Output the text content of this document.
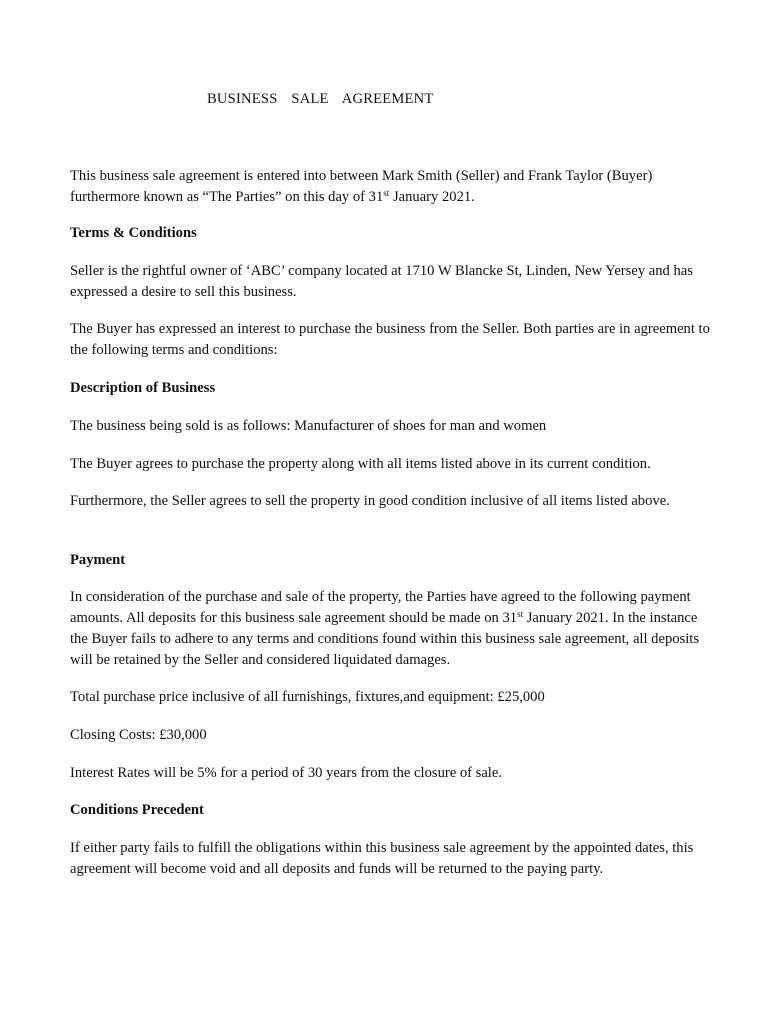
BUSINESS SALE AGREEMENT

This business sale agreement is entered into between Mark Smith (Seller) and Frank Taylor (Buyer) furthermore known as “The Parties” on this day of 31st January 2021.

Terms & Conditions

Seller is the rightful owner of ‘ABC’ company located at 1710 W Blancke St, Linden, New Yersey and has expressed a desire to sell this business.

The Buyer has expressed an interest to purchase the business from the Seller. Both parties are in agreement to the following terms and conditions:

Description of Business

The business being sold is as follows: Manufacturer of shoes for man and women

The Buyer agrees to purchase the property along with all items listed above in its current condition.

Furthermore, the Seller agrees to sell the property in good condition inclusive of all items listed above.

Payment

In consideration of the purchase and sale of the property, the Parties have agreed to the following payment amounts. All deposits for this business sale agreement should be made on 31st January 2021. In the instance the Buyer fails to adhere to any terms and conditions found within this business sale agreement, all deposits will be retained by the Seller and considered liquidated damages.

Total purchase price inclusive of all furnishings, fixtures,and equipment: £25,000

Closing Costs: £30,000

Interest Rates will be 5% for a period of 30 years from the closure of sale.

Conditions Precedent

If either party fails to fulfill the obligations within this business sale agreement by the appointed dates, this agreement will become void and all deposits and funds will be returned to the paying party.
